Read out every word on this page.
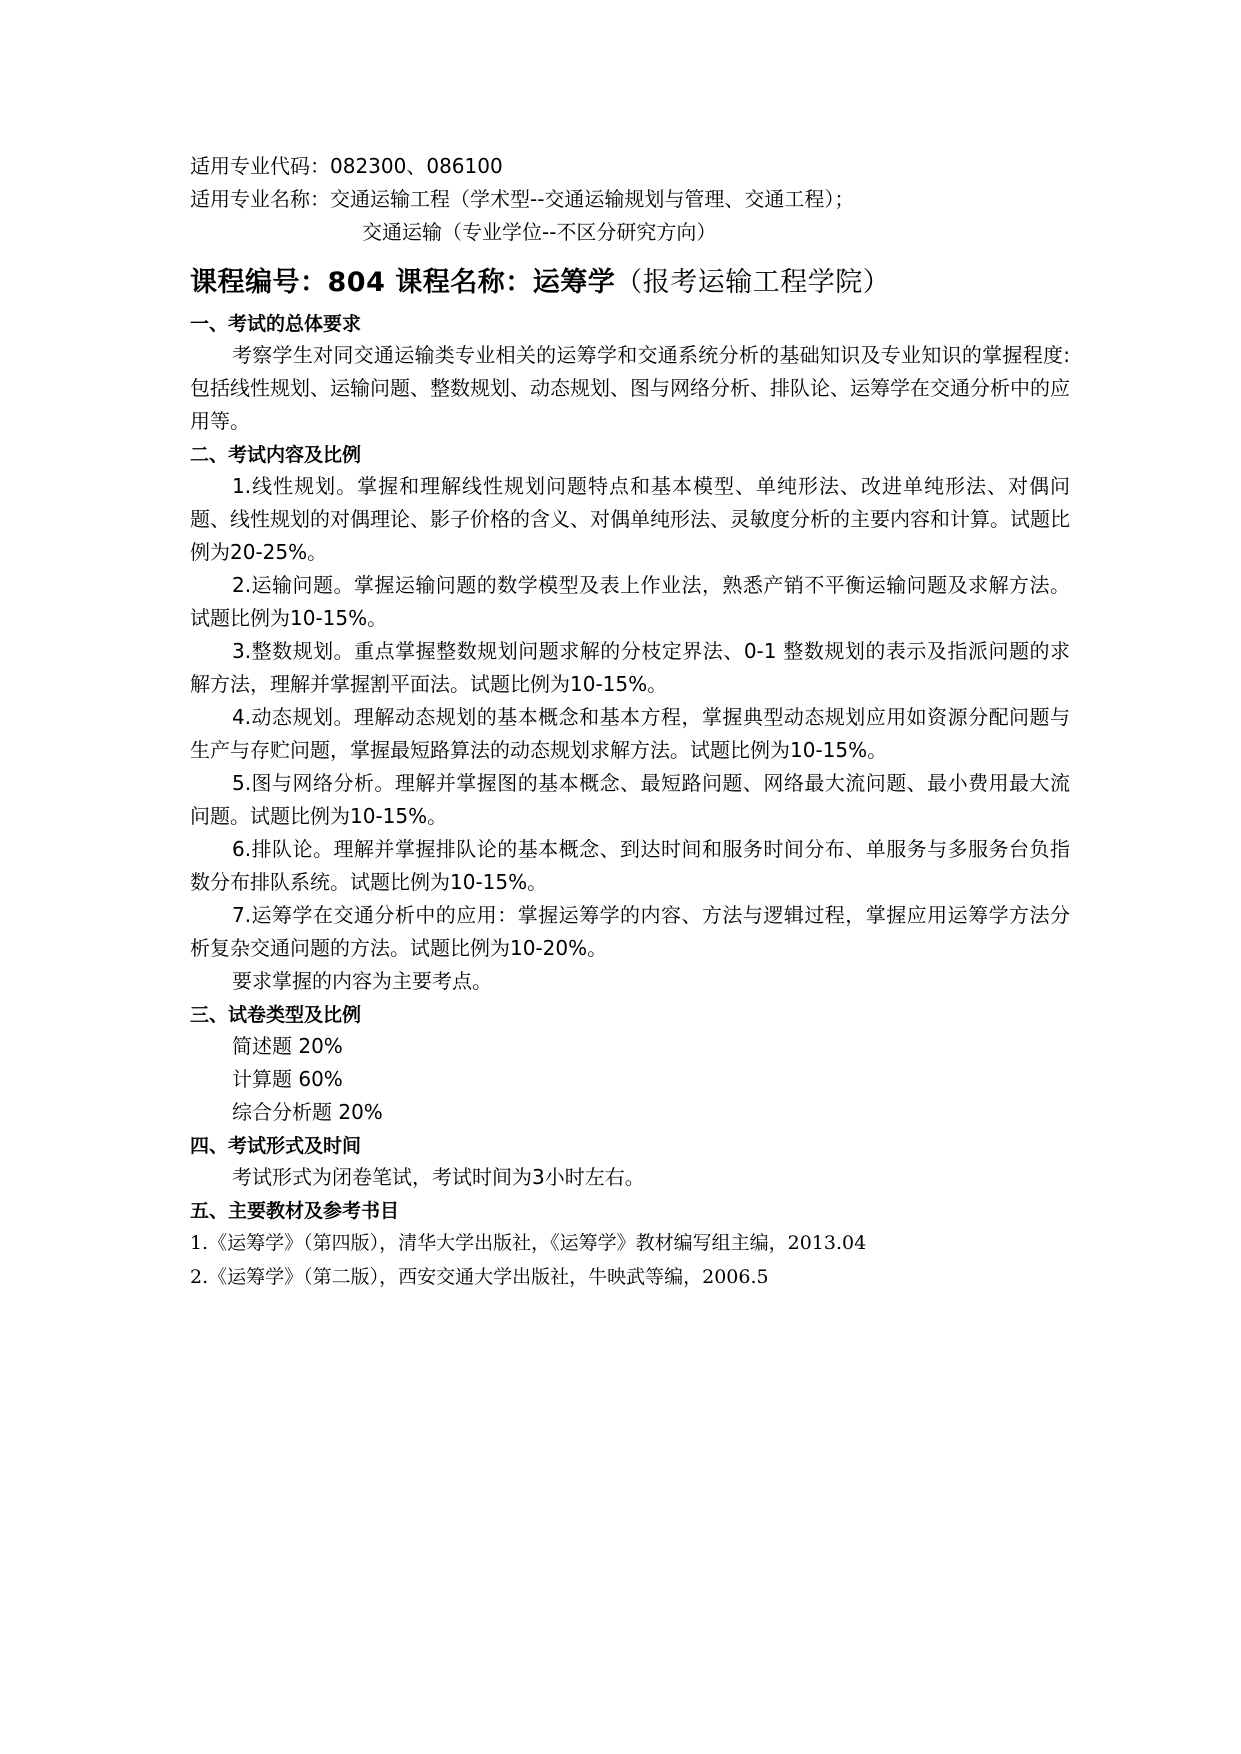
适用专业代码：082300、086100
适用专业名称：交通运输工程（学术型--交通运输规划与管理、交通工程）；
交通运输（专业学位--不区分研究方向）
课程编号：804 课程名称：运筹学（报考运输工程学院）
一、考试的总体要求
考察学生对同交通运输类专业相关的运筹学和交通系统分析的基础知识及专业知识的掌握程度:包括线性规划、运输问题、整数规划、动态规划、图与网络分析、排队论、运筹学在交通分析中的应用等。
二、考试内容及比例
1.线性规划。掌握和理解线性规划问题特点和基本模型、单纯形法、改进单纯形法、对偶问题、线性规划的对偶理论、影子价格的含义、对偶单纯形法、灵敏度分析的主要内容和计算。试题比例为20-25%。
2.运输问题。掌握运输问题的数学模型及表上作业法，熟悉产销不平衡运输问题及求解方法。试题比例为10-15%。
3.整数规划。重点掌握整数规划问题求解的分枝定界法、0-1 整数规划的表示及指派问题的求解方法，理解并掌握割平面法。试题比例为10-15%。
4.动态规划。理解动态规划的基本概念和基本方程，掌握典型动态规划应用如资源分配问题与生产与存贮问题，掌握最短路算法的动态规划求解方法。试题比例为10-15%。
5.图与网络分析。理解并掌握图的基本概念、最短路问题、网络最大流问题、最小费用最大流问题。试题比例为10-15%。
6.排队论。理解并掌握排队论的基本概念、到达时间和服务时间分布、单服务与多服务台负指数分布排队系统。试题比例为10-15%。
7.运筹学在交通分析中的应用：掌握运筹学的内容、方法与逻辑过程，掌握应用运筹学方法分析复杂交通问题的方法。试题比例为10-20%。
要求掌握的内容为主要考点。
三、试卷类型及比例
简述题 20%
计算题 60%
综合分析题 20%
四、考试形式及时间
考试形式为闭卷笔试，考试时间为3小时左右。
五、主要教材及参考书目
1.《运筹学》（第四版），清华大学出版社，《运筹学》教材编写组主编，2013.04
2.《运筹学》（第二版），西安交通大学出版社，牛映武等编，2006.5
